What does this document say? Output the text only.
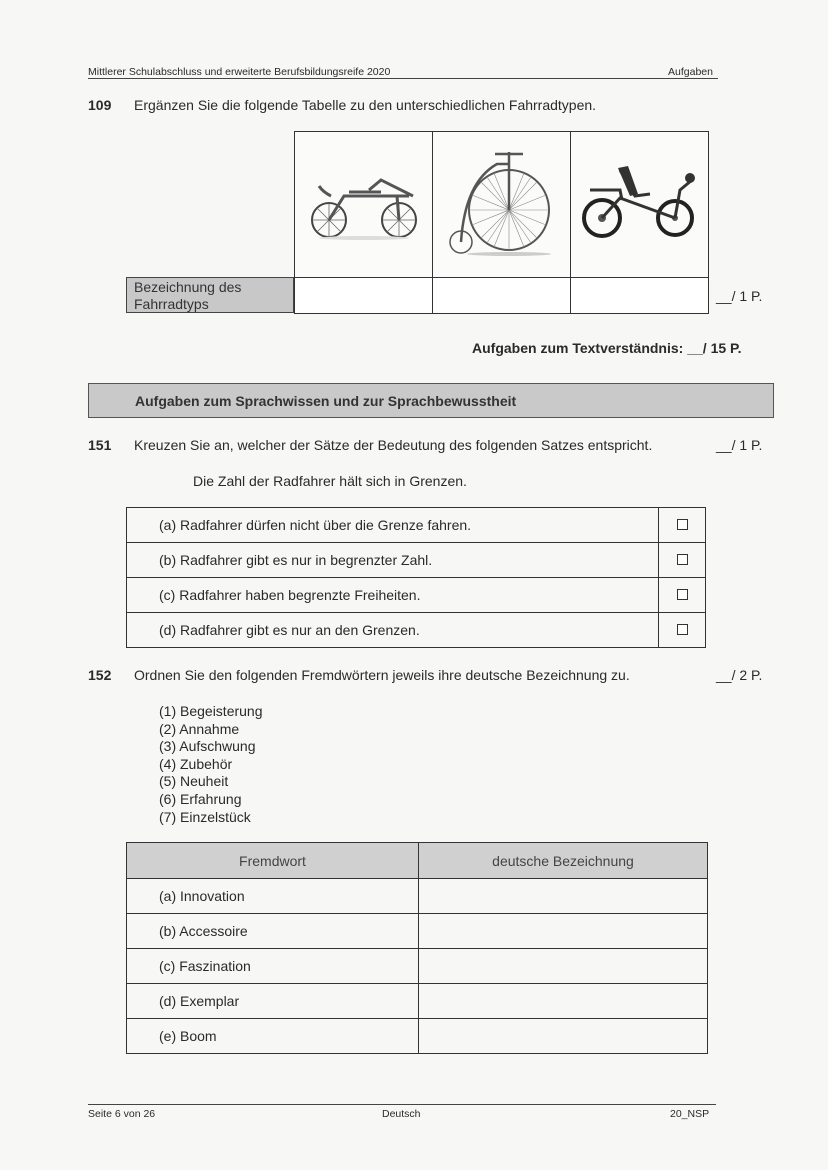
Mittlerer Schulabschluss und erweiterte Berufsbildungsreife 2020	Aufgaben
109 Ergänzen Sie die folgende Tabelle zu den unterschiedlichen Fahrradtypen.

Bezeichnung des Fahrradtyps	__/ 1 P.
Aufgaben zum Textverständnis: __/ 15 P.
Aufgaben zum Sprachwissen und zur Sprachbewusstheit
151 Kreuzen Sie an, welcher der Sätze der Bedeutung des folgenden Satzes entspricht.	__/ 1 P.
Die Zahl der Radfahrer hält sich in Grenzen.
(a) Radfahrer dürfen nicht über die Grenze fahren.	
(b) Radfahrer gibt es nur in begrenzter Zahl.	
(c) Radfahrer haben begrenzte Freiheiten.	
(d) Radfahrer gibt es nur an den Grenzen.	
152 Ordnen Sie den folgenden Fremdwörtern jeweils ihre deutsche Bezeichnung zu.	__/ 2 P.
(1) Begeisterung
(2) Annahme
(3) Aufschwung
(4) Zubehör
(5) Neuheit
(6) Erfahrung
(7) Einzelstück
Fremdwort	deutsche Bezeichnung
(a) Innovation	
(b) Accessoire	
(c) Faszination	
(d) Exemplar	
(e) Boom	
Seite 6 von 26	Deutsch	20_NSP
